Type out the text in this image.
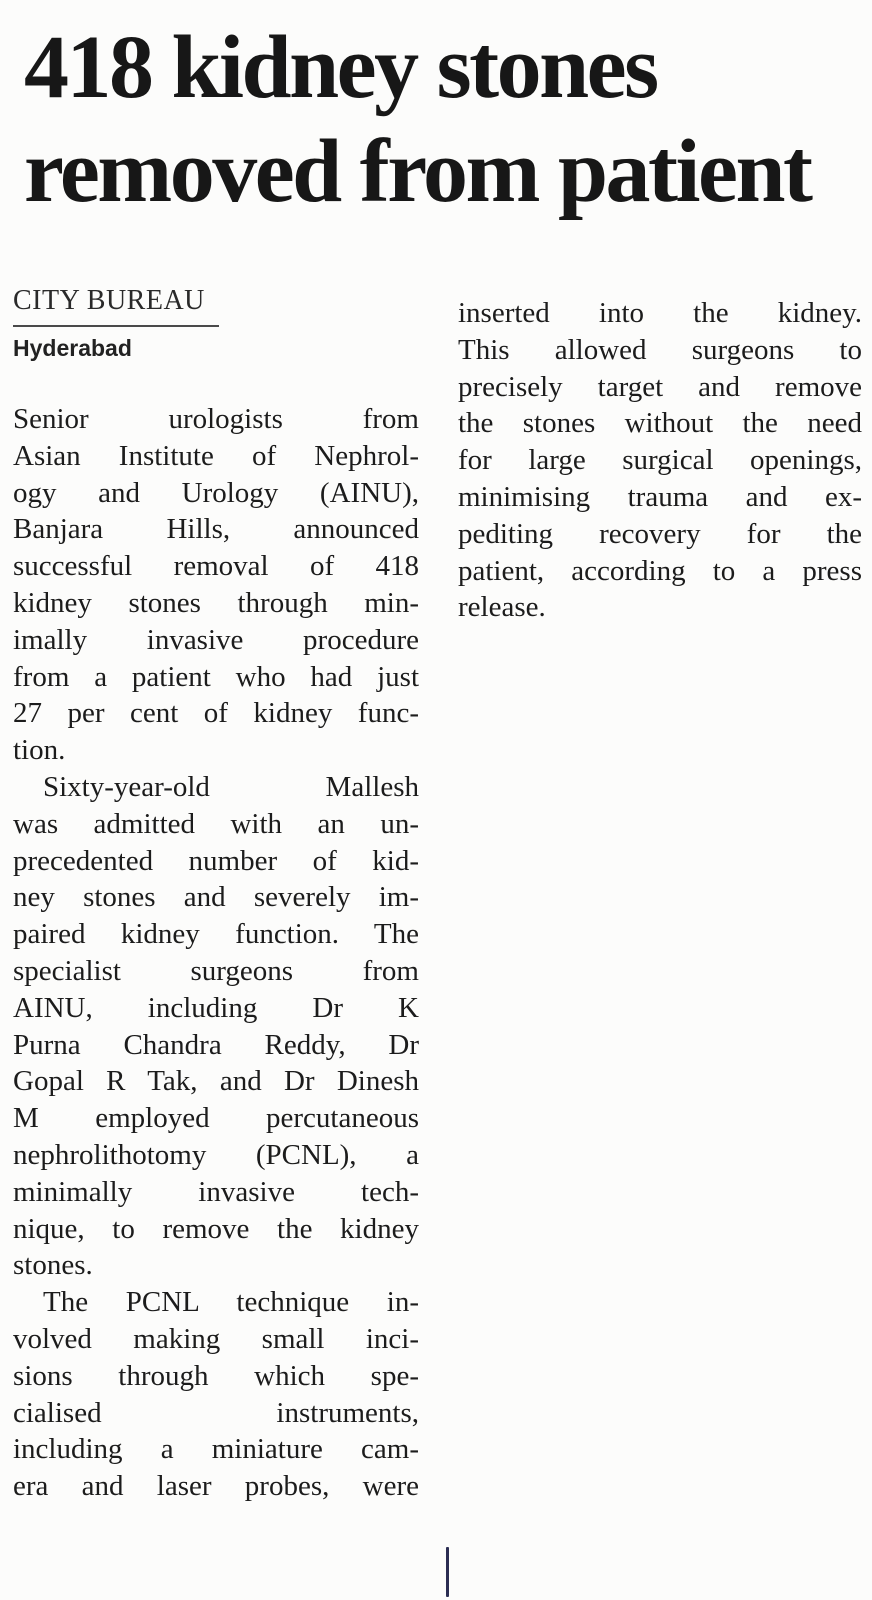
418 kidney stones
removed from patient
CITY BUREAU
Hyderabad
Senior urologists from
Asian Institute of Nephrol-
ogy and Urology (AINU),
Banjara Hills, announced
successful removal of 418
kidney stones through min-
imally invasive procedure
from a patient who had just
27 per cent of kidney func-
tion.
Sixty-year-old Mallesh
was admitted with an un-
precedented number of kid-
ney stones and severely im-
paired kidney function. The
specialist surgeons from
AINU, including Dr K
Purna Chandra Reddy, Dr
Gopal R Tak, and Dr Dinesh
M employed percutaneous
nephrolithotomy (PCNL), a
minimally invasive tech-
nique, to remove the kidney
stones.
The PCNL technique in-
volved making small inci-
sions through which spe-
cialised instruments,
including a miniature cam-
era and laser probes, were
inserted into the kidney.
This allowed surgeons to
precisely target and remove
the stones without the need
for large surgical openings,
minimising trauma and ex-
pediting recovery for the
patient, according to a press
release.
